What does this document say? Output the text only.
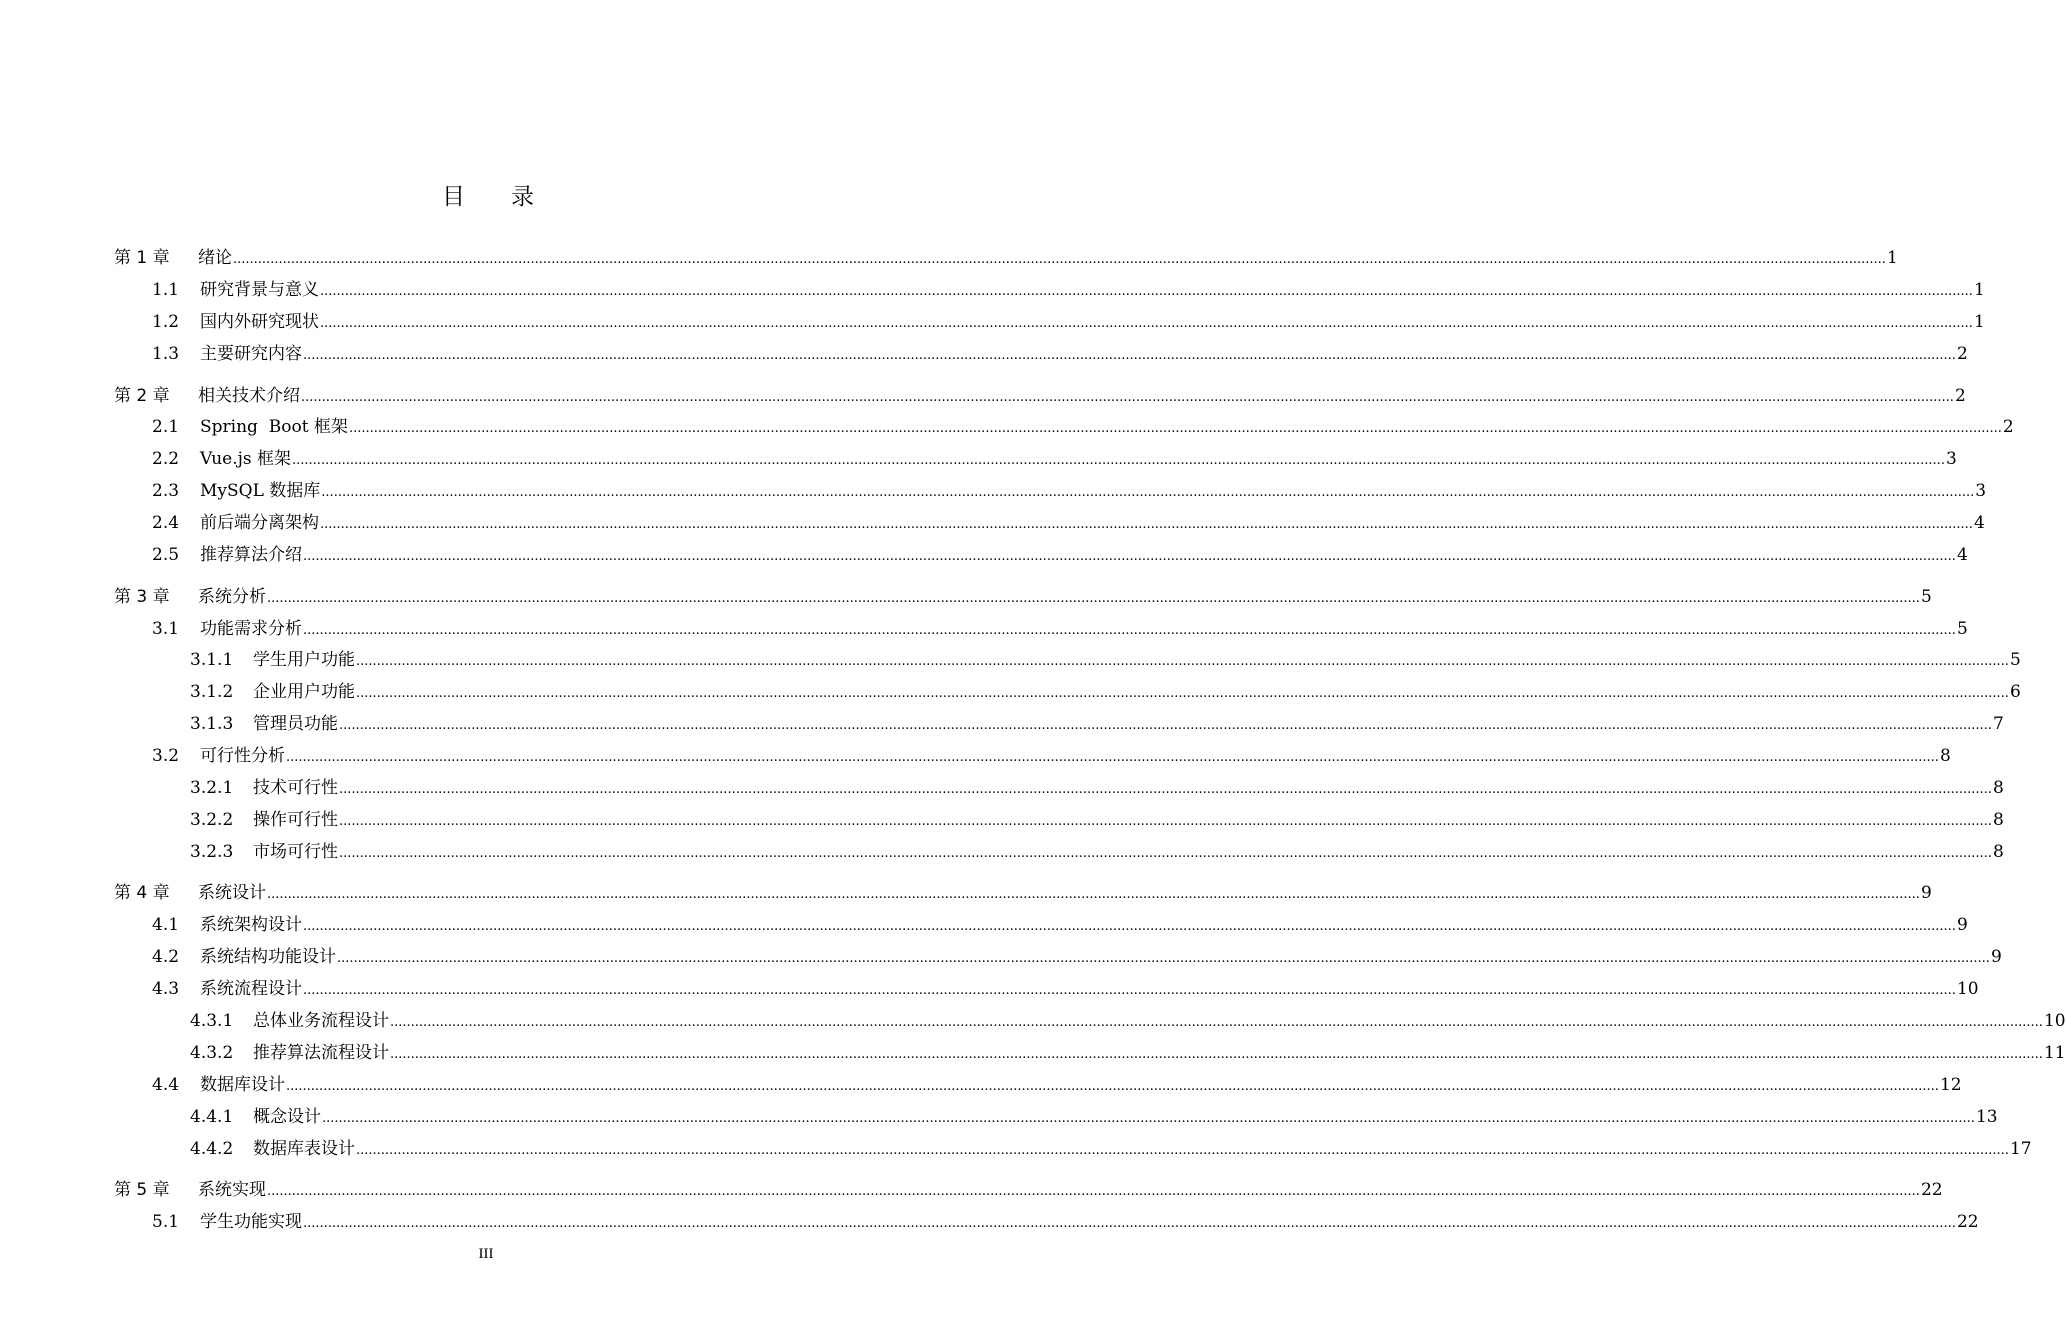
目 录
第 1 章 绪论 ................................................................................................................................................................................................................................................................................................................................................................................................................ 1
1.1 研究背景与意义 ................................................................................................................................................................................................................................................................................................................................................................................................................ 1
1.2 国内外研究现状 ................................................................................................................................................................................................................................................................................................................................................................................................................ 1
1.3 主要研究内容 ................................................................................................................................................................................................................................................................................................................................................................................................................ 2
第 2 章 相关技术介绍 ................................................................................................................................................................................................................................................................................................................................................................................................................ 2
2.1 Spring  Boot 框架 ................................................................................................................................................................................................................................................................................................................................................................................................................ 2
2.2 Vue.js 框架 ................................................................................................................................................................................................................................................................................................................................................................................................................ 3
2.3 MySQL 数据库 ................................................................................................................................................................................................................................................................................................................................................................................................................ 3
2.4 前后端分离架构 ................................................................................................................................................................................................................................................................................................................................................................................................................ 4
2.5 推荐算法介绍 ................................................................................................................................................................................................................................................................................................................................................................................................................ 4
第 3 章 系统分析 ................................................................................................................................................................................................................................................................................................................................................................................................................ 5
3.1 功能需求分析 ................................................................................................................................................................................................................................................................................................................................................................................................................ 5
3.1.1 学生用户功能 ................................................................................................................................................................................................................................................................................................................................................................................................................ 5
3.1.2 企业用户功能 ................................................................................................................................................................................................................................................................................................................................................................................................................ 6
3.1.3 管理员功能 ................................................................................................................................................................................................................................................................................................................................................................................................................ 7
3.2 可行性分析 ................................................................................................................................................................................................................................................................................................................................................................................................................ 8
3.2.1 技术可行性 ................................................................................................................................................................................................................................................................................................................................................................................................................ 8
3.2.2 操作可行性 ................................................................................................................................................................................................................................................................................................................................................................................................................ 8
3.2.3 市场可行性 ................................................................................................................................................................................................................................................................................................................................................................................................................ 8
第 4 章 系统设计 ................................................................................................................................................................................................................................................................................................................................................................................................................ 9
4.1 系统架构设计 ................................................................................................................................................................................................................................................................................................................................................................................................................ 9
4.2 系统结构功能设计 ................................................................................................................................................................................................................................................................................................................................................................................................................ 9
4.3 系统流程设计 ................................................................................................................................................................................................................................................................................................................................................................................................................ 10
4.3.1 总体业务流程设计 ................................................................................................................................................................................................................................................................................................................................................................................................................ 10
4.3.2 推荐算法流程设计 ................................................................................................................................................................................................................................................................................................................................................................................................................ 11
4.4 数据库设计 ................................................................................................................................................................................................................................................................................................................................................................................................................ 12
4.4.1 概念设计 ................................................................................................................................................................................................................................................................................................................................................................................................................ 13
4.4.2 数据库表设计 ................................................................................................................................................................................................................................................................................................................................................................................................................ 17
第 5 章 系统实现 ................................................................................................................................................................................................................................................................................................................................................................................................................ 22
5.1 学生功能实现 ................................................................................................................................................................................................................................................................................................................................................................................................................ 22
III
